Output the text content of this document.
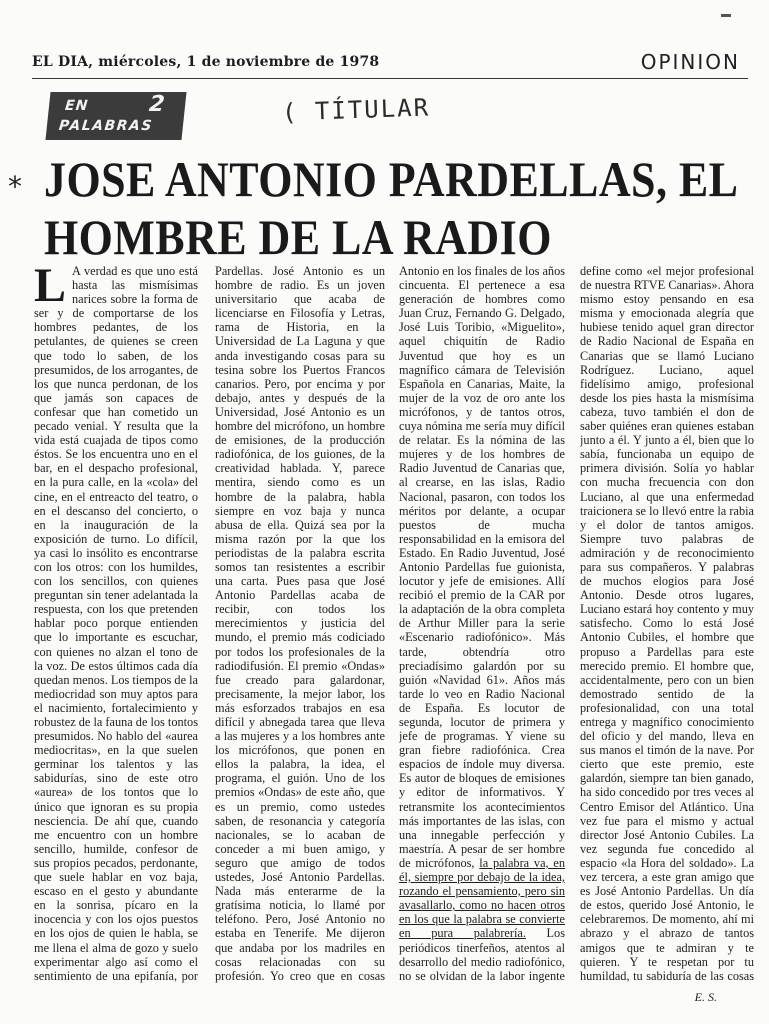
EL DIA, miércoles, 1 de noviembre de 1978	OPINION
EN	2
PALABRAS	( TÍTULAR
* JOSE ANTONIO PARDELLAS, EL
HOMBRE DE LA RADIO

L A verdad es que uno está hasta las mismísimas narices sobre la forma de ser y de comportarse de los hombres pedantes, de los petulantes, de quienes se creen que todo lo saben, de los presumidos, de los arrogantes, de los que nunca perdonan, de los que jamás son capaces de confesar que han cometido un pecado venial. Y resulta que la vida está cuajada de tipos como éstos. Se los encuentra uno en el bar, en el despacho profesional, en la pura calle, en la «cola» del cine, en el entreacto del teatro, o en el descanso del concierto, o en la inauguración de la exposición de turno. Lo difícil, ya casi lo insólito es encontrarse con los otros: con los humildes, con los sencillos, con quienes preguntan sin tener adelantada la respuesta, con los que pretenden hablar poco porque entienden que lo importante es escuchar, con quienes no alzan el tono de la voz. De estos últimos cada día quedan menos. Los tiempos de la mediocridad son muy aptos para el nacimiento, fortalecimiento y robustez de la fauna de los tontos presumidos. No hablo del «aurea mediocritas», en la que suelen germinar los talentos y las sabidurías, sino de este otro «aurea» de los tontos que lo único que ignoran es su propia nesciencia. De ahí que, cuando me encuentro con un hombre sencillo, humilde, confesor de sus propios pecados, perdonante, que suele hablar en voz baja, escaso en el gesto y abundante en la sonrisa, pícaro en la inocencia y con los ojos puestos en los ojos de quien le habla, se me llena el alma de gozo y suelo experimentar algo así como el sentimiento de una epifanía, por

Pardellas. José Antonio es un hombre de radio. Es un joven universitario que acaba de licenciarse en Filosofía y Letras, rama de Historia, en la Universidad de La Laguna y que anda investigando cosas para su tesina sobre los Puertos Francos canarios. Pero, por encima y por debajo, antes y después de la Universidad, José Antonio es un hombre del micrófono, un hombre de emisiones, de la producción radiofónica, de los guiones, de la creatividad hablada. Y, parece mentira, siendo como es un hombre de la palabra, habla siempre en voz baja y nunca abusa de ella. Quizá sea por la misma razón por la que los periodistas de la palabra escrita somos tan resistentes a escribir una carta. Pues pasa que José Antonio Pardellas acaba de recibir, con todos los merecimientos y justicia del mundo, el premio más codiciado por todos los profesionales de la radiodifusión. El premio «Ondas» fue creado para galardonar, precisamente, la mejor labor, los más esforzados trabajos en esa difícil y abnegada tarea que lleva a las mujeres y a los hombres ante los micrófonos, que ponen en ellos la palabra, la idea, el programa, el guión. Uno de los premios «Ondas» de este año, que es un premio, como ustedes saben, de resonancia y categoría nacionales, se lo acaban de conceder a mi buen amigo, y seguro que amigo de todos ustedes, José Antonio Pardellas. Nada más enterarme de la gratísima noticia, lo llamé por teléfono. Pero, José Antonio no estaba en Tenerife. Me dijeron que andaba por los madriles en cosas relacionadas con su profesión. Yo creo que en cosas

Antonio en los finales de los años cincuenta. El pertenece a esa generación de hombres como Juan Cruz, Fernando G. Delgado, José Luis Toribio, «Miguelito», aquel chiquitín de Radio Juventud que hoy es un magnífico cámara de Televisión Española en Canarias, Maite, la mujer de la voz de oro ante los micrófonos, y de tantos otros, cuya nómina me sería muy difícil de relatar. Es la nómina de las mujeres y de los hombres de Radio Juventud de Canarias que, al crearse, en las islas, Radio Nacional, pasaron, con todos los méritos por delante, a ocupar puestos de mucha responsabilidad en la emisora del Estado. En Radio Juventud, José Antonio Pardellas fue guionista, locutor y jefe de emisiones. Allí recibió el premio de la CAR por la adaptación de la obra completa de Arthur Miller para la serie «Escenario radiofónico». Más tarde, obtendría otro preciadísimo galardón por su guión «Navidad 61». Años más tarde lo veo en Radio Nacional de España. Es locutor de segunda, locutor de primera y jefe de programas. Y viene su gran fiebre radiofónica. Crea espacios de índole muy diversa. Es autor de bloques de emisiones y editor de informativos. Y retransmite los acontecimientos más importantes de las islas, con una innegable perfección y maestría. A pesar de ser hombre de micrófonos, la palabra va, en él, siempre por debajo de la idea, rozando el pensamiento, pero sin avasallarlo, como no hacen otros en los que la palabra se convierte en pura palabrería. Los periódicos tinerfeños, atentos al desarrollo del medio radiofónico, no se olvidan de la labor ingente

define como «el mejor profesional de nuestra RTVE Canarias». Ahora mismo estoy pensando en esa misma y emocionada alegría que hubiese tenido aquel gran director de Radio Nacional de España en Canarias que se llamó Luciano Rodríguez. Luciano, aquel fidelísimo amigo, profesional desde los pies hasta la mismísima cabeza, tuvo también el don de saber quiénes eran quienes estaban junto a él. Y junto a él, bien que lo sabía, funcionaba un equipo de primera división. Solía yo hablar con mucha frecuencia con don Luciano, al que una enfermedad traicionera se lo llevó entre la rabia y el dolor de tantos amigos. Siempre tuvo palabras de admiración y de reconocimiento para sus compañeros. Y palabras de muchos elogios para José Antonio. Desde otros lugares, Luciano estará hoy contento y muy satisfecho. Como lo está José Antonio Cubiles, el hombre que propuso a Pardellas para este merecido premio. El hombre que, accidentalmente, pero con un bien demostrado sentido de la profesionalidad, con una total entrega y magnífico conocimiento del oficio y del mando, lleva en sus manos el timón de la nave. Por cierto que este premio, este galardón, siempre tan bien ganado, ha sido concedido por tres veces al Centro Emisor del Atlántico. Una vez fue para el mismo y actual director José Antonio Cubiles. La vez segunda fue concedido al espacio «la Hora del soldado». La vez tercera, a este gran amigo que es José Antonio Pardellas. Un día de estos, querido José Antonio, le celebraremos. De momento, ahí mi abrazo y el abrazo de tantos amigos que te admiran y te quieren. Y te respetan por tu humildad, tu sabiduría de las cosas

E. S.
